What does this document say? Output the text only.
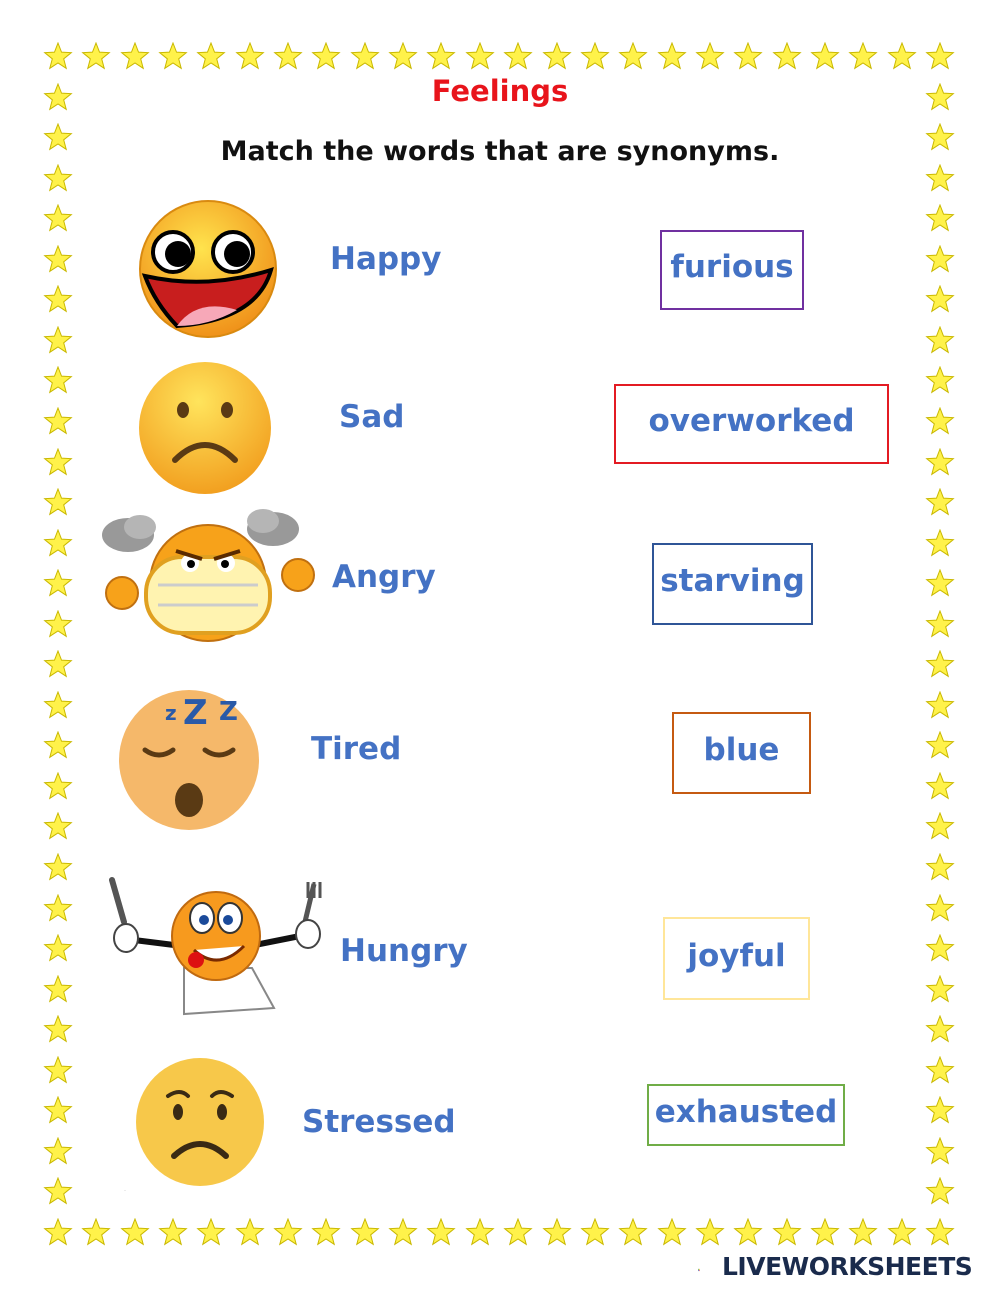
Feelings
Match the words that are synonyms.
z Z Z
·
Happy
Sad
Angry
Tired
Hungry
Stressed
furious
overworked
starving
blue
joyful
exhausted
L I
V E LIVEWORKSHEETS
